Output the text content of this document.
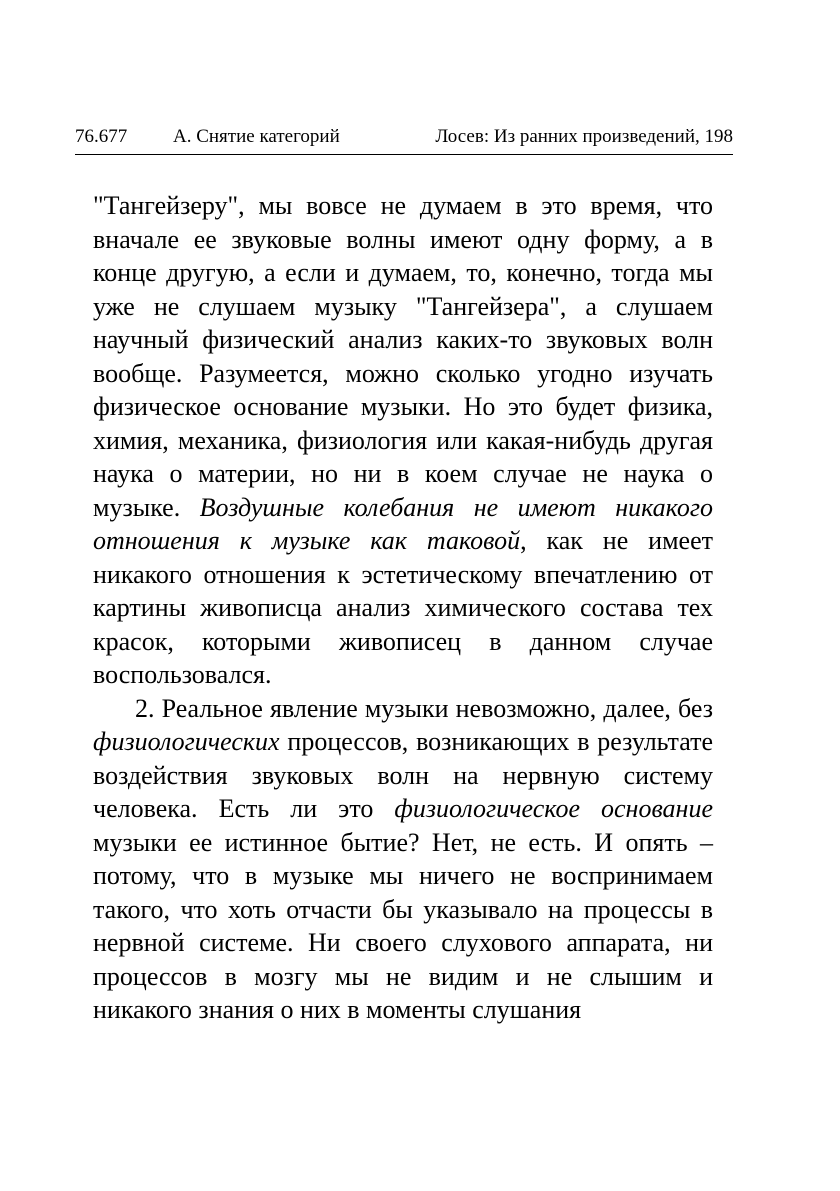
76.677 А. Снятие категорий	Лосев: Из ранних произведений, 198

"Тангейзеру", мы вовсе не думаем в это время, что вначале ее звуковые волны имеют одну форму, а в конце другую, а если и думаем, то, конечно, тогда мы уже не слушаем музыку "Тангейзера", а слушаем научный физический анализ каких-то звуковых волн вообще. Разумеется, можно сколько угодно изучать физическое основание музыки. Но это будет физика, химия, механика, физиология или какая-нибудь другая наука о материи, но ни в коем случае не наука о музыке. Воздушные колебания не имеют никакого отношения к музыке как таковой, как не имеет никакого отношения к эстетическому впечатлению от картины живописца анализ химического состава тех красок, которыми живописец в данном случае воспользовался.

2. Реальное явление музыки невозможно, далее, без физиологических процессов, возникающих в результате воздействия звуковых волн на нервную систему человека. Есть ли это физиологическое основание музыки ее истинное бытие? Нет, не есть. И опять – потому, что в музыке мы ничего не воспринимаем такого, что хоть отчасти бы указывало на процессы в нервной системе. Ни своего слухового аппарата, ни процессов в мозгу мы не видим и не слышим и никакого знания о них в моменты слушания
